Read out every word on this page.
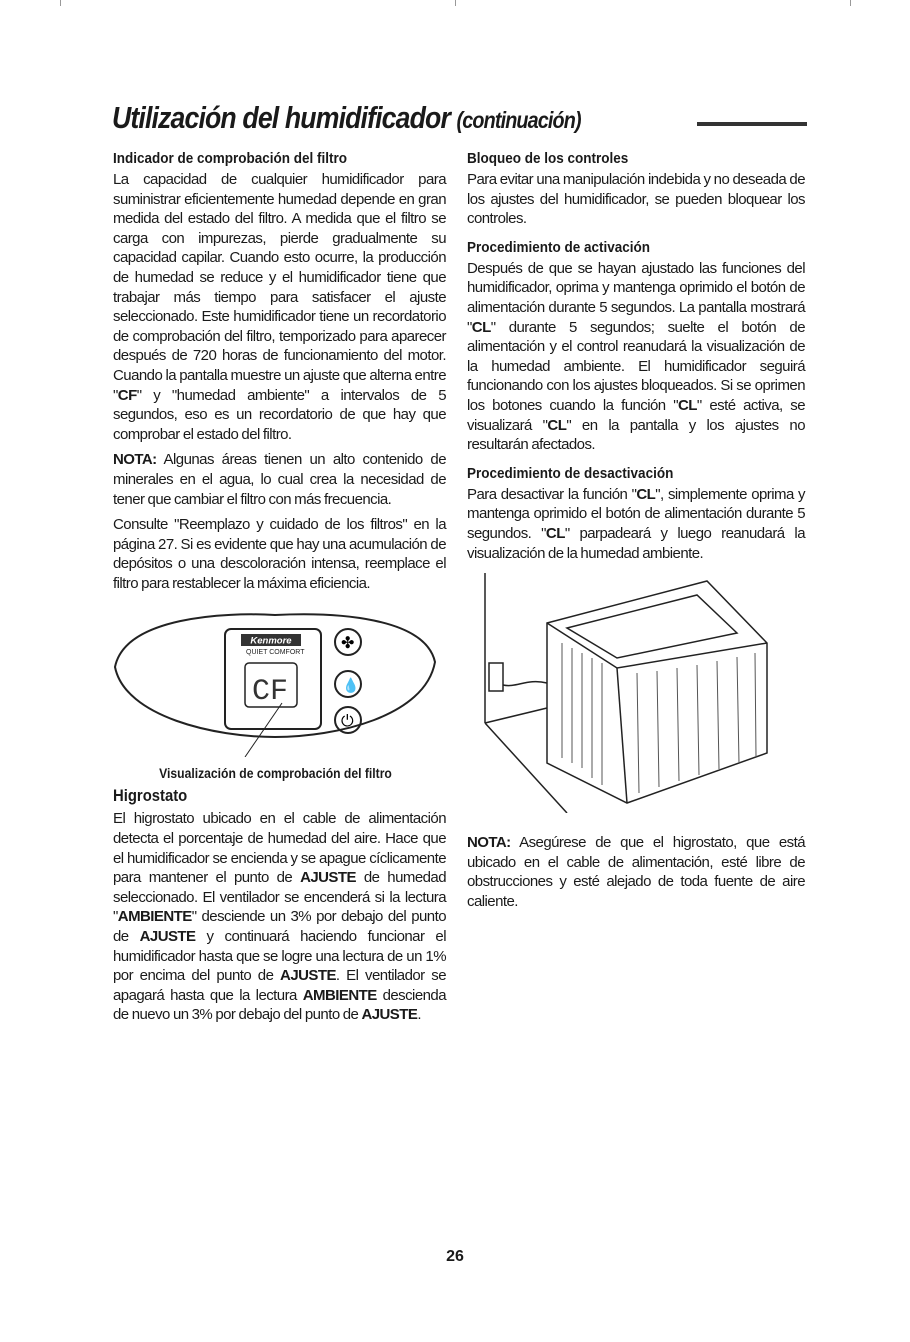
Utilización del humidificador (continuación)
Indicador de comprobación del filtro

La capacidad de cualquier humidificador para suministrar eficientemente humedad depende en gran medida del estado del filtro. A medida que el filtro se carga con impurezas, pierde gradualmente su capacidad capilar. Cuando esto ocurre, la producción de humedad se reduce y el humidificador tiene que trabajar más tiempo para satisfacer el ajuste seleccionado. Este humidificador tiene un recordatorio de comprobación del filtro, temporizado para aparecer después de 720 horas de funcionamiento del motor. Cuando la pantalla muestre un ajuste que alterna entre "CF" y "humedad ambiente" a intervalos de 5 segundos, eso es un recordatorio de que hay que comprobar el estado del filtro.

NOTA: Algunas áreas tienen un alto contenido de minerales en el agua, lo cual crea la necesidad de tener que cambiar el filtro con más frecuencia.

Consulte "Reemplazo y cuidado de los filtros" en la página 27. Si es evidente que hay una acumulación de depósitos o una descoloración intensa, reemplace el filtro para restablecer la máxima eficiencia.

Kenmore
QUIET COMFORT
CF
✤
💧
⏻
Visualización de comprobación del filtro
Higrostato

El higrostato ubicado en el cable de alimentación detecta el porcentaje de humedad del aire. Hace que el humidificador se encienda y se apague cíclicamente para mantener el punto de AJUSTE de humedad seleccionado. El ventilador se encenderá si la lectura "AMBIENTE" desciende un 3% por debajo del punto de AJUSTE y continuará haciendo funcionar el humidificador hasta que se logre una lectura de un 1% por encima del punto de AJUSTE. El ventilador se apagará hasta que la lectura AMBIENTE descienda de nuevo un 3% por debajo del punto de AJUSTE.

Bloqueo de los controles

Para evitar una manipulación indebida y no deseada de los ajustes del humidificador, se pueden bloquear los controles.

Procedimiento de activación

Después de que se hayan ajustado las funciones del humidificador, oprima y mantenga oprimido el botón de alimentación durante 5 segundos. La pantalla mostrará "CL" durante 5 segundos; suelte el botón de alimentación y el control reanudará la visualización de la humedad ambiente. El humidificador seguirá funcionando con los ajustes bloqueados. Si se oprimen los botones cuando la función "CL" esté activa, se visualizará "CL" en la pantalla y los ajustes no resultarán afectados.

Procedimiento de desactivación

Para desactivar la función "CL", simplemente oprima y mantenga oprimido el botón de alimentación durante 5 segundos. "CL" parpadeará y luego reanudará la visualización de la humedad ambiente.

NOTA: Asegúrese de que el higrostato, que está ubicado en el cable de alimentación, esté libre de obstrucciones y esté alejado de toda fuente de aire caliente.

26
